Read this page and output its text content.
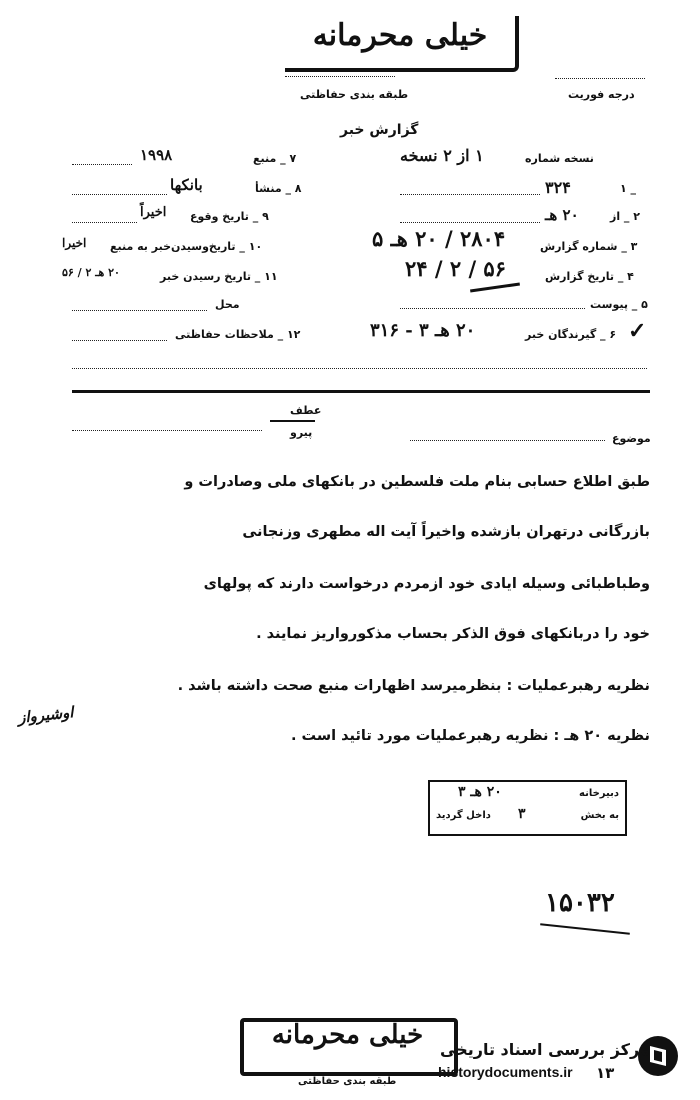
خیلی محرمانه
طبقه بندی حفاظتی	درجه فوریت
گزارش خبر
نسخه شماره
۱ از ۲ نسخه
۱ _
۳۲۴
۲ _ از
۲۰ هـ
۳ _ شماره گزارش
۲۸۰۴ / ۲۰ هـ ۵
۴ _ تاریخ گزارش
۲۴ / ۲ / ۵۶
۵ _ پیوست
۶ _ گیرندگان خبر
۲۰ هـ ۳ - ۳۱۶	✓
۷ _ منبع
۱۹۹۸
۸ _ منشأ
بانکها
۹ _ تاریخ وقوع
اخیراً
۱۰ _ تاریخ‌وسیدن‌خبر به منبع
اخیرا
۱۱ _ تاریخ رسیدن خبر
۲۰ هـ ۲ / ۵۶
محل
۱۲ _ ملاحظات حفاظتی
موضوع
عطف
پیرو
طبق اطلاع حسابی بنام ملت فلسطین در بانکهای ملی وصادرات و
بازرگانی درتهران بازشده واخیراً آیت اله مطهری وزنجانی
وطباطبائی وسیله ایادی خود ازمردم درخواست دارند که پولهای
خود را دربانکهای فوق الذکر بحساب مذکورواریز نمایند .
نظریه رهبرعملیات : بنظرمیرسد اظهارات منبع صحت داشته باشد .
نظریه ۲۰ هـ : نظریه رهبرعملیات مورد تائید است .
اوشیرواز
دبیرخانه
۲۰ هـ ۳
به بخش
۳
داخل گردید
۱۵۰۳۲
خیلی محرمانه
طبقه بندی حفاظتی
مرکز بررسی اسناد تاریخی
historydocuments.ir ۱۳
